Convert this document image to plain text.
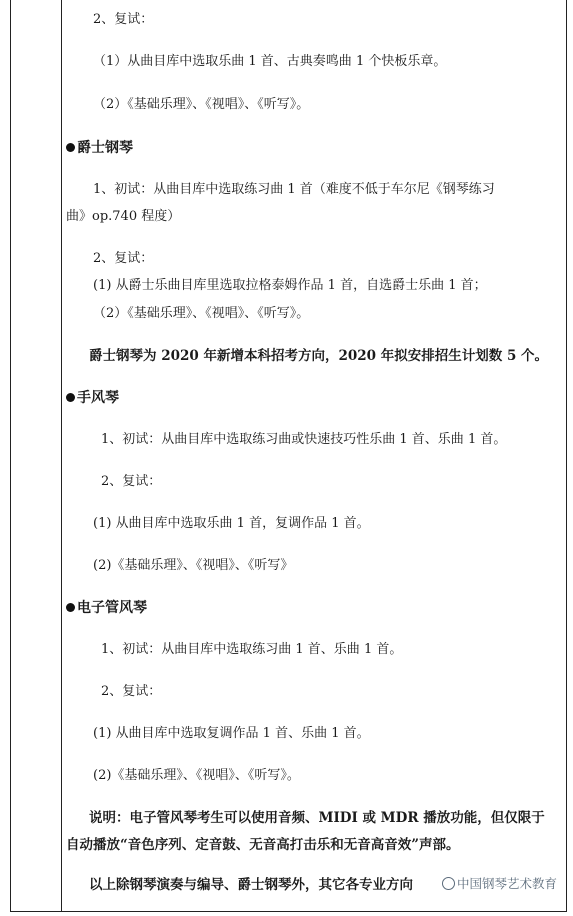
2、复试：
（1）从曲目库中选取乐曲 1 首、古典奏鸣曲 1 个快板乐章。
（2）《基础乐理》、《视唱》、《听写》。
爵士钢琴
1、初试：从曲目库中选取练习曲 1 首（难度不低于车尔尼《钢琴练习
曲》op.740 程度）
2、复试：
(1) 从爵士乐曲目库里选取拉格泰姆作品 1 首，自选爵士乐曲 1 首；
（2）《基础乐理》、《视唱》、《听写》。
爵士钢琴为 2020 年新增本科招考方向，2020 年拟安排招生计划数 5 个。
手风琴
1、初试：从曲目库中选取练习曲或快速技巧性乐曲 1 首、乐曲 1 首。
2、复试：
(1) 从曲目库中选取乐曲 1 首，复调作品 1 首。
(2)《基础乐理》、《视唱》、《听写》
电子管风琴
1、初试：从曲目库中选取练习曲 1 首、乐曲 1 首。
2、复试：
(1) 从曲目库中选取复调作品 1 首、乐曲 1 首。
(2)《基础乐理》、《视唱》、《听写》。
说明：电子管风琴考生可以使用音频、MIDI 或 MDR 播放功能，但仅限于
自动播放“音色序列、定音鼓、无音高打击乐和无音高音效”声部。
以上除钢琴演奏与编导、爵士钢琴外，其它各专业方向	中国钢琴艺术教育
